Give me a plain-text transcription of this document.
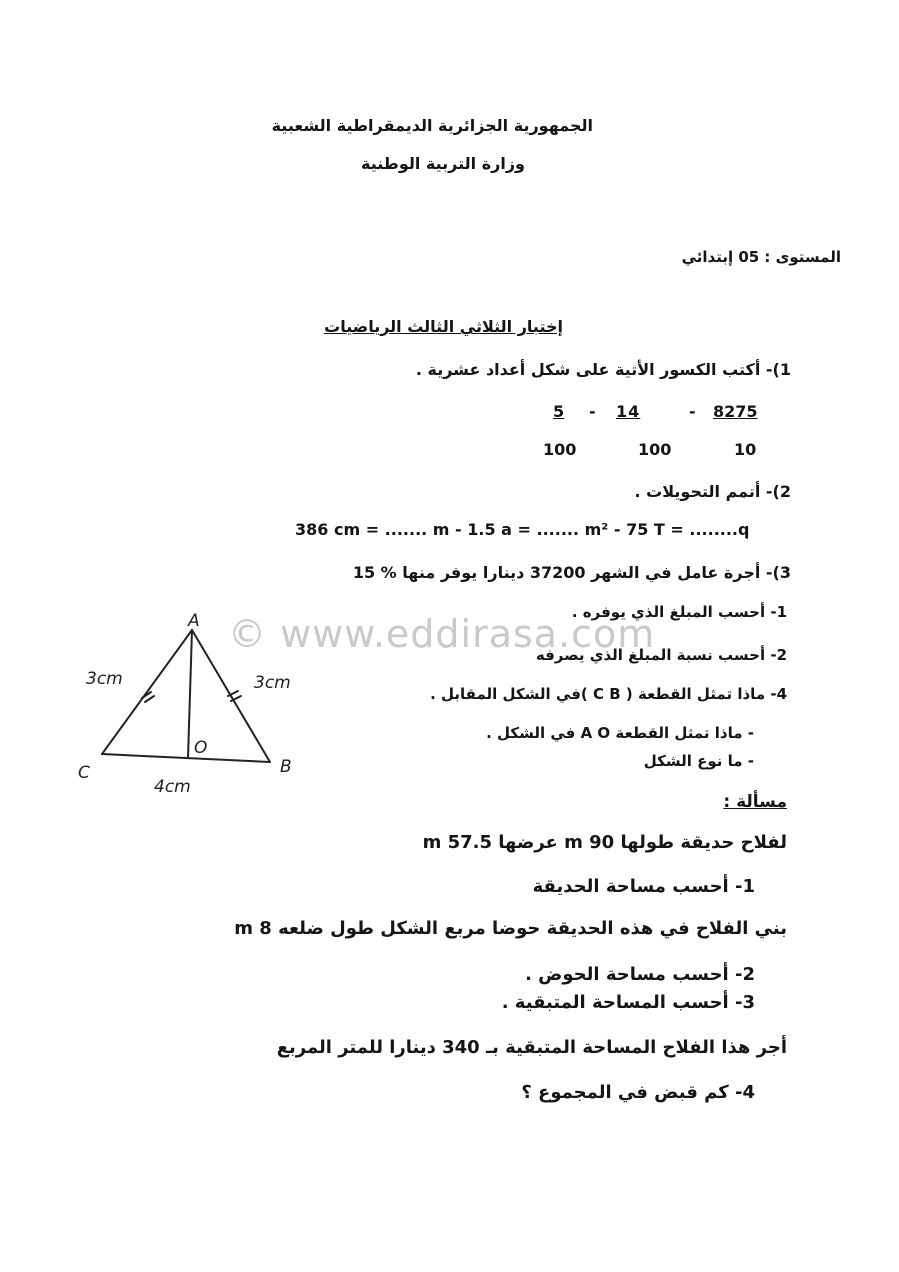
الجمهورية الجزائرية الديمقراطية الشعبية
وزارة التربية الوطنية
المستوى : 05 إبتدائي
إختبار الثلاثي الثالث الرياضيات
1)- أكتب الكسور الأتية على شكل أعداد عشرية .
8275
10
-
14
100
-
5
100
2)- أتمم التحويلات .
386 cm = ....... m - 1.5 a = ....... m² - 75 T = ........q
3)- أجرة عامل في الشهر 37200 دينارا يوفر منها % 15
1- أحسب المبلغ الذي يوفره .
2- أحسب نسبة المبلغ الذي يصرفه
4- ماذا تمثل القطعة ( C B )في الشكل المقابل .
- ماذا تمثل القطعة A O في الشكل .
- ما نوع الشكل
A
B
C
O
3cm	3cm
4cm
© www.eddirasa.com
مسألة :
لفلاح حديقة طولها 90 m عرضها 57.5 m
1- أحسب مساحة الحديقة
بني الفلاح في هذه الحديقة حوضا مربع الشكل طول ضلعه 8 m
2- أحسب مساحة الحوض .
3- أحسب المساحة المتبقية .
أجر هذا الفلاح المساحة المتبقية بـ 340 دينارا للمتر المربع
4- كم قبض في المجموع ؟
